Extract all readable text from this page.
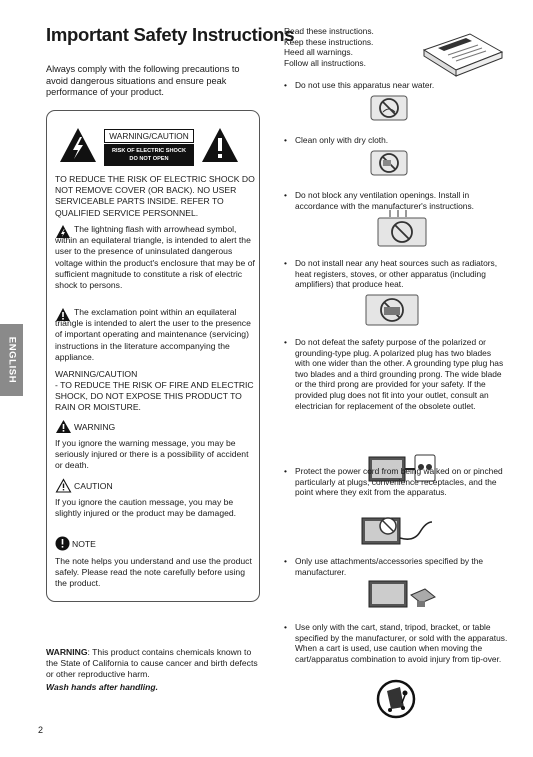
Important Safety Instructions
Always comply with the following precautions to avoid dangerous situations and ensure peak performance of your product.
ENGLISH
WARNING/CAUTION
RISK OF ELECTRIC SHOCK
DO NOT OPEN
TO REDUCE THE RISK OF ELECTRIC SHOCK DO NOT REMOVE COVER (OR BACK). NO USER SERVICEABLE PARTS INSIDE. REFER TO QUALIFIED SERVICE PERSONNEL.
The lightning flash with arrowhead symbol, within an equilateral triangle, is intended to alert the user to the presence of uninsulated dangerous voltage within the product's enclosure that may be of sufficient magnitude to constitute a risk of electric shock to persons.
The exclamation point within an equilateral triangle is intended to alert the user to the presence of important operating and maintenance (servicing) instructions in the literature accompanying the appliance.
WARNING/CAUTION
- TO REDUCE THE RISK OF FIRE AND ELECTRIC SHOCK, DO NOT EXPOSE THIS PRODUCT TO RAIN OR MOISTURE.
WARNING
If you ignore the warning message, you may be seriously injured or there is a possibility of accident or death.
CAUTION
If you ignore the caution message, you may be slightly injured or the product may be damaged.
NOTE
The note helps you understand and use the product safely. Please read the note carefully before using the product.
WARNING: This product contains chemicals known to the State of California to cause cancer and birth defects or other reproductive harm.
Wash hands after handling.
2
Read these instructions.
Keep these instructions.
Heed all warnings.
Follow all instructions.
• Do not use this apparatus near water.
• Clean only with dry cloth.
• Do not block any ventilation openings. Install in accordance with the manufacturer's instructions.
• Do not install near any heat sources such as radiators, heat registers, stoves, or other apparatus (including amplifiers) that produce heat.
• Do not defeat the safety purpose of the polarized or grounding-type plug. A polarized plug has two blades with one wider than the other. A grounding type plug has two blades and a third grounding prong. The wide blade or the third prong are provided for your safety. If the provided plug does not fit into your outlet, consult an electrician for replacement of the obsolete outlet.
• Protect the power cord from being walked on or pinched particularly at plugs, convenience receptacles, and the point where they exit from the apparatus.
• Only use attachments/accessories specified by the manufacturer.
• Use only with the cart, stand, tripod, bracket, or table specified by the manufacturer, or sold with the apparatus. When a cart is used, use caution when moving the cart/apparatus combination to avoid injury from tip-over.
